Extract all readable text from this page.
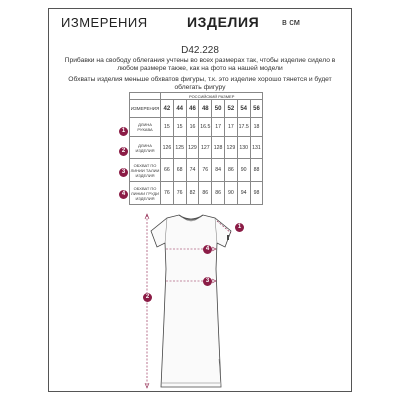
ИЗМЕРЕНИЯ	ИЗДЕЛИЯ	в см
D42.228
Прибавки на свободу облегания учтены во всех размерах так, чтобы изделие сидело в любом размере также, как на фото на нашей модели
Обхваты изделия меньше обхватов фигуры, т.к. это изделие хорошо тянется и будет облегать фигуру
	РОССИЙСКИЙ РАЗМЕР							
ИЗМЕРЕНИЯ	42	44	46	48	50	52	54	56
ДЛИНА РУКАВА	15	15	16	16.5	17	17	17.5	18
ДЛИНА ИЗДЕЛИЯ	126	125	129	127	128	129	130	131
ОБХВАТ ПО ЛИНИИ ТАЛИИ ИЗДЕЛИЯ	66	68	74	76	84	86	90	88
ОБХВАТ ПО ЛИНИИ ГРУДИ ИЗДЕЛИЯ	76	76	82	86	86	90	94	98
1
2
3
4
2
4
3
1
